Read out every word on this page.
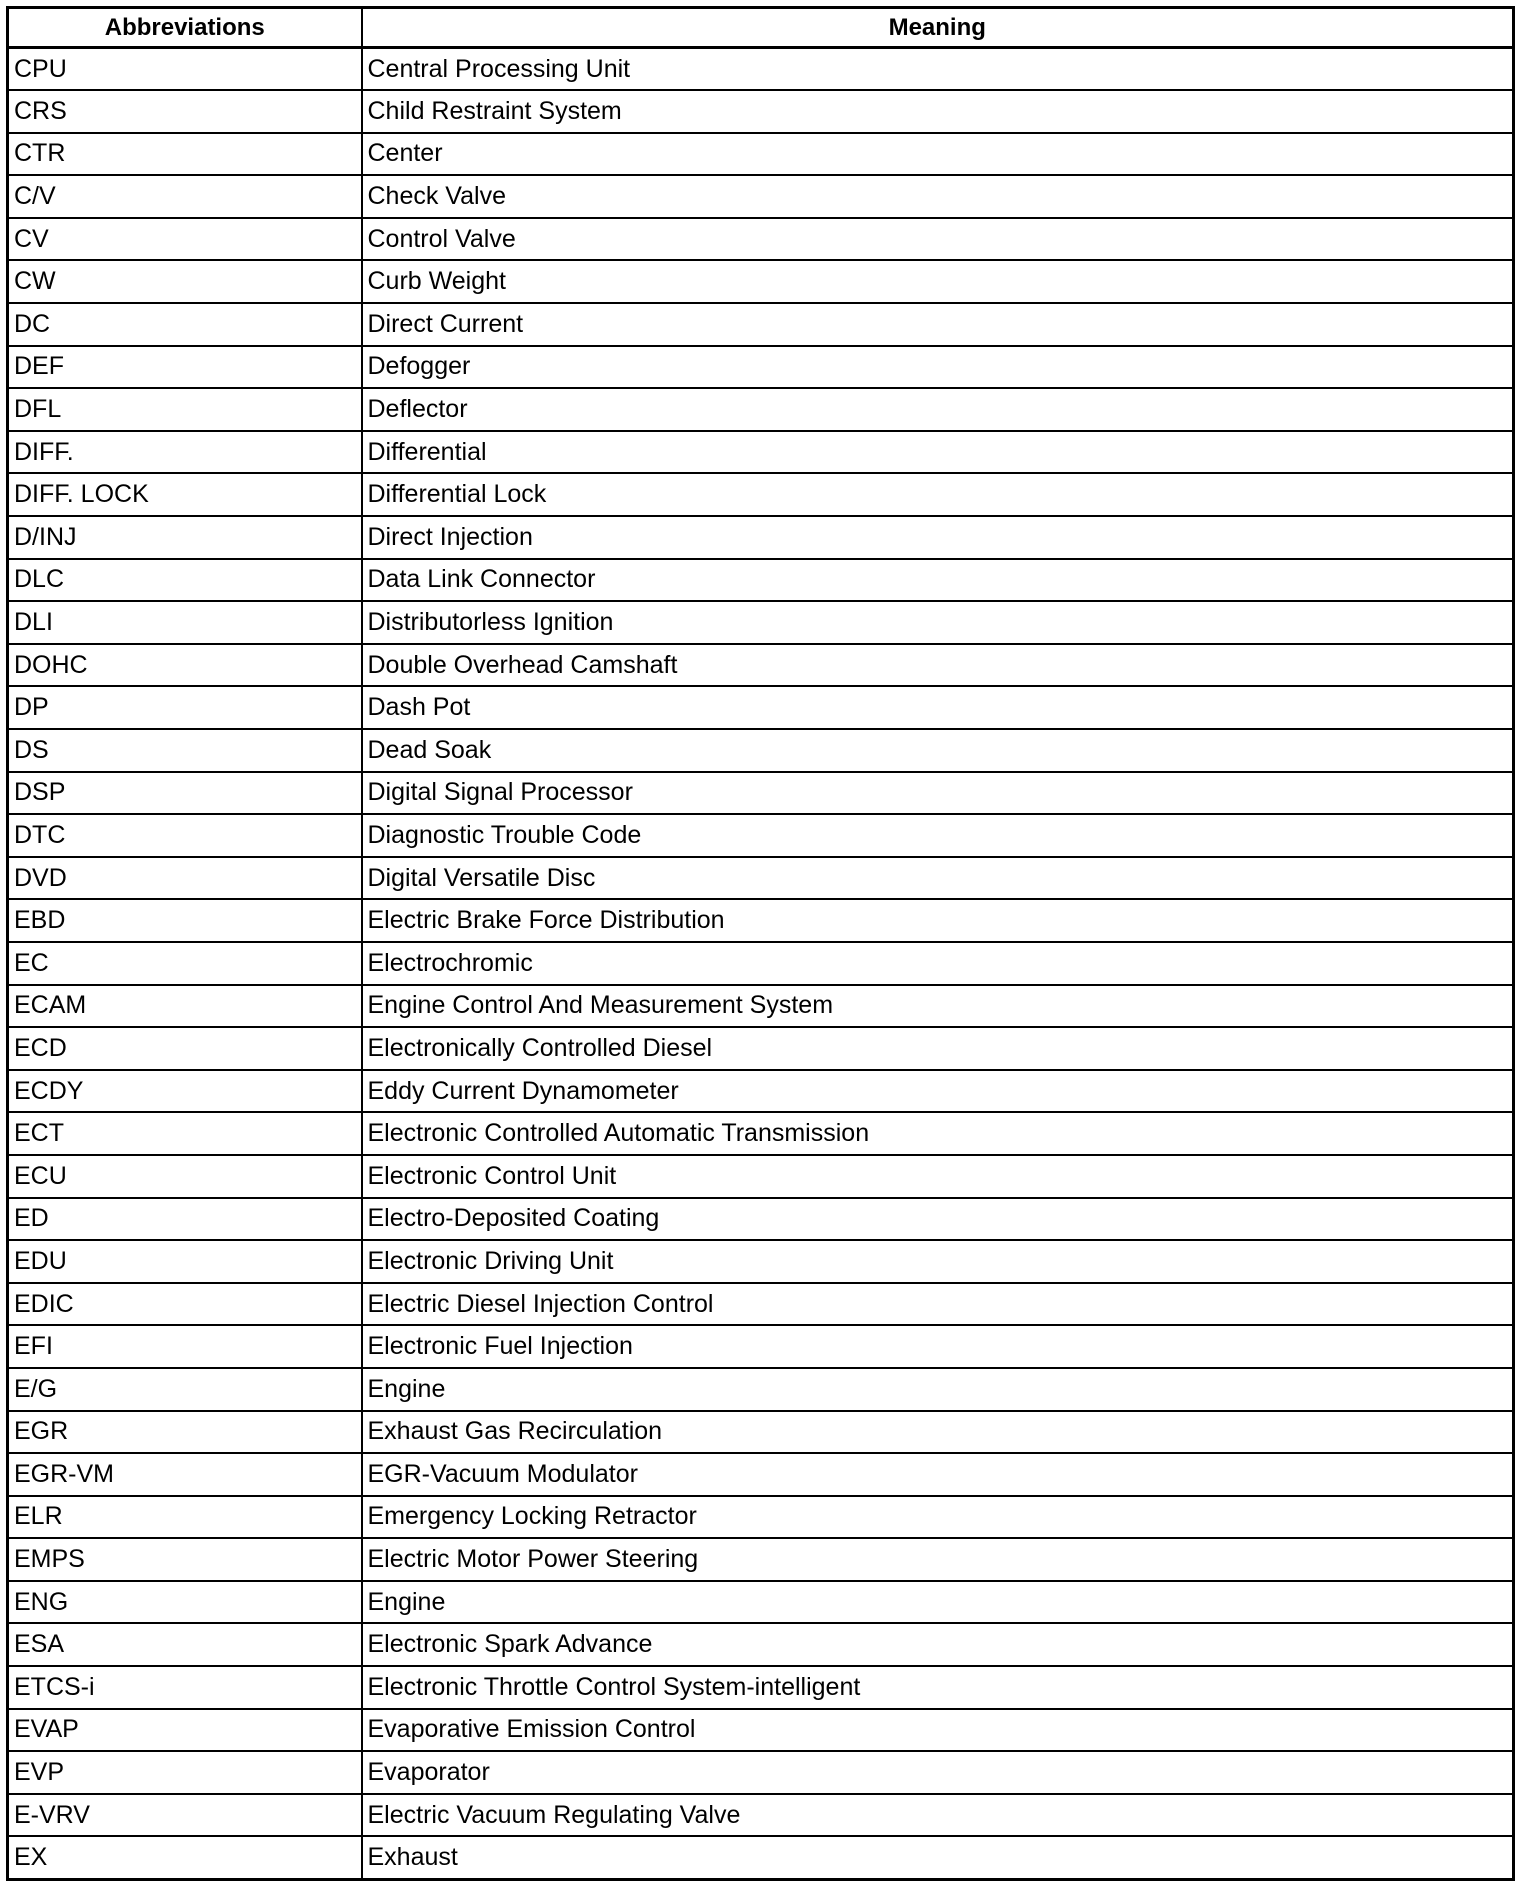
Abbreviations	Meaning
CPU	Central Processing Unit
CRS	Child Restraint System
CTR	Center
C/V	Check Valve
CV	Control Valve
CW	Curb Weight
DC	Direct Current
DEF	Defogger
DFL	Deflector
DIFF.	Differential
DIFF. LOCK	Differential Lock
D/INJ	Direct Injection
DLC	Data Link Connector
DLI	Distributorless Ignition
DOHC	Double Overhead Camshaft
DP	Dash Pot
DS	Dead Soak
DSP	Digital Signal Processor
DTC	Diagnostic Trouble Code
DVD	Digital Versatile Disc
EBD	Electric Brake Force Distribution
EC	Electrochromic
ECAM	Engine Control And Measurement System
ECD	Electronically Controlled Diesel
ECDY	Eddy Current Dynamometer
ECT	Electronic Controlled Automatic Transmission
ECU	Electronic Control Unit
ED	Electro-Deposited Coating
EDU	Electronic Driving Unit
EDIC	Electric Diesel Injection Control
EFI	Electronic Fuel Injection
E/G	Engine
EGR	Exhaust Gas Recirculation
EGR-VM	EGR-Vacuum Modulator
ELR	Emergency Locking Retractor
EMPS	Electric Motor Power Steering
ENG	Engine
ESA	Electronic Spark Advance
ETCS-i	Electronic Throttle Control System-intelligent
EVAP	Evaporative Emission Control
EVP	Evaporator
E-VRV	Electric Vacuum Regulating Valve
EX	Exhaust
